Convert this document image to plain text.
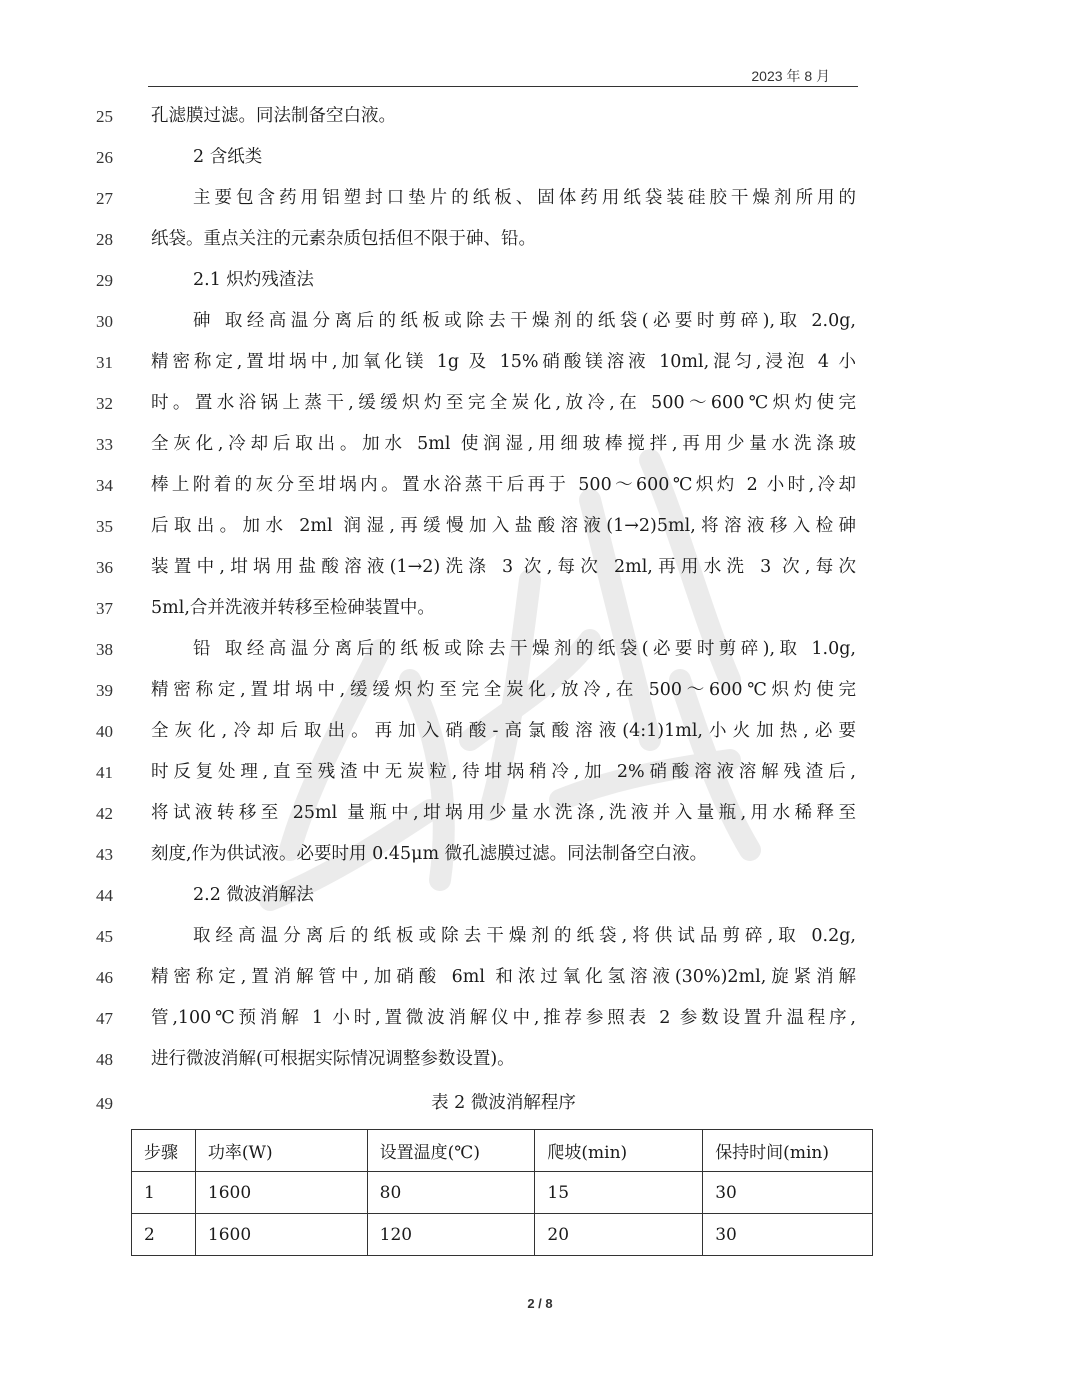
2023 年 8 月
25	孔滤膜过滤。同法制备空白液。
26	2 含纸类
27	主要包含药用铝塑封口垫片的纸板、固体药用纸袋装硅胶干燥剂所用的
28	纸袋。重点关注的元素杂质包括但不限于砷、铅。
29	2.1 炽灼残渣法
30	砷 取经高温分离后的纸板或除去干燥剂的纸袋(必要时剪碎),取 2.0g,
31	精密称定,置坩埚中,加氧化镁 1g 及 15%硝酸镁溶液 10ml,混匀,浸泡 4 小
32	时。置水浴锅上蒸干,缓缓炽灼至完全炭化,放冷,在 500～600℃炽灼使完
33	全灰化,冷却后取出。加水 5ml 使润湿,用细玻棒搅拌,再用少量水洗涤玻
34	棒上附着的灰分至坩埚内。置水浴蒸干后再于 500～600℃炽灼 2 小时,冷却
35	后取出。加水 2ml 润湿,再缓慢加入盐酸溶液(1→2)5ml,将溶液移入检砷
36	装置中,坩埚用盐酸溶液(1→2)洗涤 3 次,每次 2ml,再用水洗 3 次,每次
37	5ml,合并洗液并转移至检砷装置中。
38	铅 取经高温分离后的纸板或除去干燥剂的纸袋(必要时剪碎),取 1.0g,
39	精密称定,置坩埚中,缓缓炽灼至完全炭化,放冷,在 500～600℃炽灼使完
40	全灰化,冷却后取出。再加入硝酸-高氯酸溶液(4:1)1ml,小火加热,必要
41	时反复处理,直至残渣中无炭粒,待坩埚稍冷,加 2%硝酸溶液溶解残渣后,
42	将试液转移至 25ml 量瓶中,坩埚用少量水洗涤,洗液并入量瓶,用水稀释至
43	刻度,作为供试液。必要时用 0.45μm 微孔滤膜过滤。同法制备空白液。
44	2.2 微波消解法
45	取经高温分离后的纸板或除去干燥剂的纸袋,将供试品剪碎,取 0.2g,
46	精密称定,置消解管中,加硝酸 6ml 和浓过氧化氢溶液(30%)2ml,旋紧消解
47	管,100℃预消解 1 小时,置微波消解仪中,推荐参照表 2 参数设置升温程序,
48	进行微波消解(可根据实际情况调整参数设置)。
49	表 2 微波消解程序
步骤	功率(W)	设置温度(℃)	爬坡(min)	保持时间(min)
1	1600	80	15	30
2	1600	120	20	30
2 / 8
